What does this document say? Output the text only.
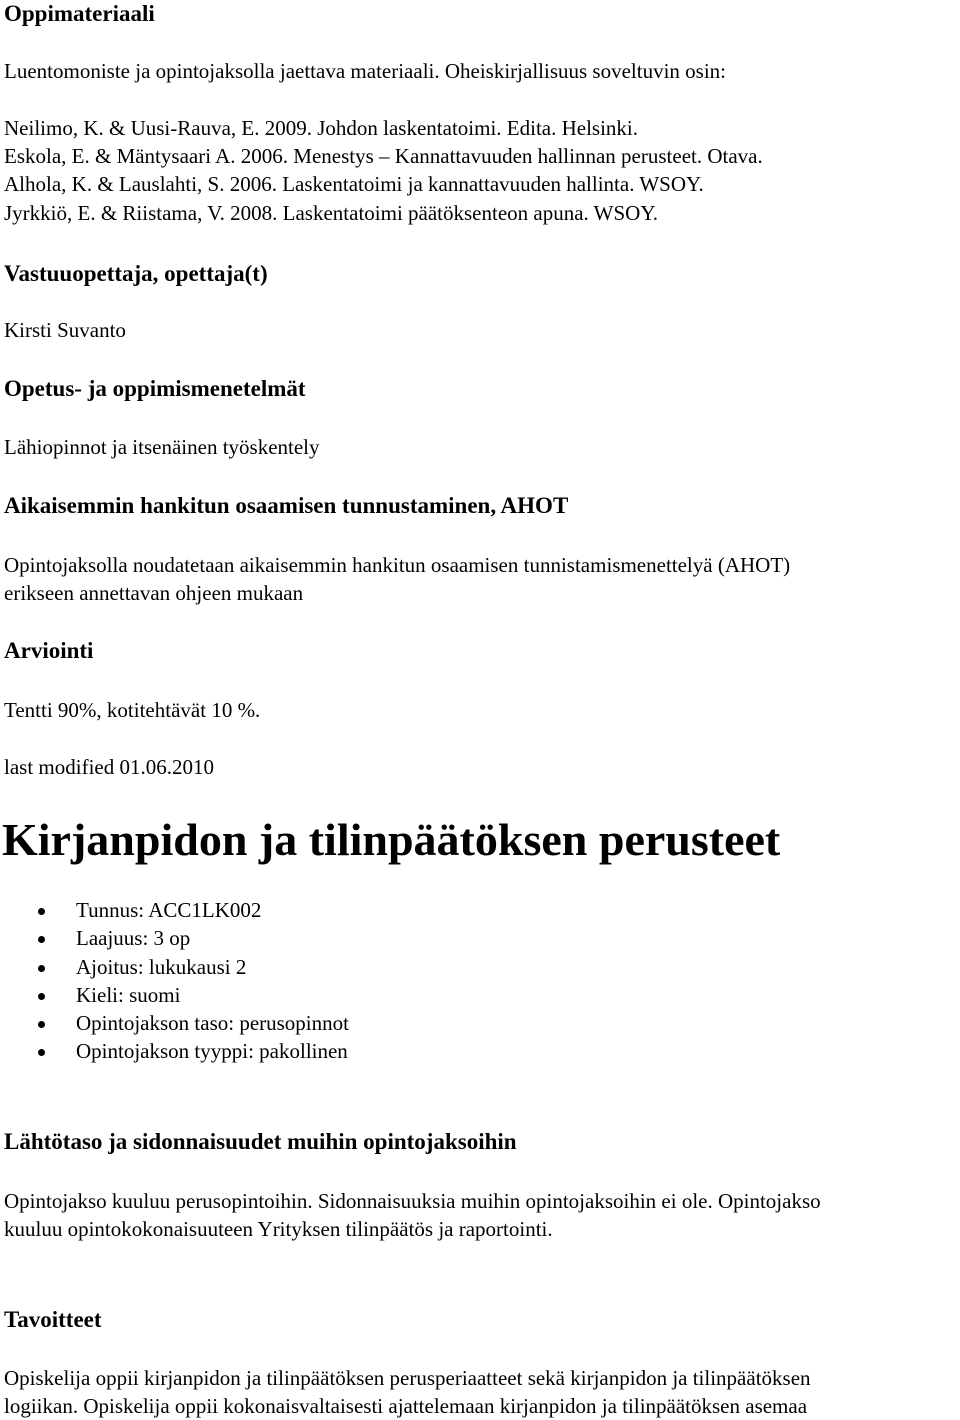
Oppimateriaali

Luentomoniste ja opintojaksolla jaettava materiaali. Oheiskirjallisuus soveltuvin osin:

Neilimo, K. & Uusi-Rauva, E. 2009. Johdon laskentatoimi. Edita. Helsinki.

Eskola, E. & Mäntysaari A. 2006. Menestys – Kannattavuuden hallinnan perusteet. Otava.

Alhola, K. & Lauslahti, S. 2006. Laskentatoimi ja kannattavuuden hallinta. WSOY.

Jyrkkiö, E. & Riistama, V. 2008. Laskentatoimi päätöksenteon apuna. WSOY.

Vastuuopettaja, opettaja(t)

Kirsti Suvanto

Opetus- ja oppimismenetelmät

Lähiopinnot ja itsenäinen työskentely

Aikaisemmin hankitun osaamisen tunnustaminen, AHOT

Opintojaksolla noudatetaan aikaisemmin hankitun osaamisen tunnistamismenettelyä (AHOT)

erikseen annettavan ohjeen mukaan

Arviointi

Tentti 90%, kotitehtävät 10 %.

last modified 01.06.2010

Kirjanpidon ja tilinpäätöksen perusteet
Tunnus: ACC1LK002
Laajuus: 3 op
Ajoitus: lukukausi 2
Kieli: suomi
Opintojakson taso: perusopinnot
Opintojakson tyyppi: pakollinen
Lähtötaso ja sidonnaisuudet muihin opintojaksoihin

Opintojakso kuuluu perusopintoihin. Sidonnaisuuksia muihin opintojaksoihin ei ole. Opintojakso

kuuluu opintokokonaisuuteen Yrityksen tilinpäätös ja raportointi.

Tavoitteet

Opiskelija oppii kirjanpidon ja tilinpäätöksen perusperiaatteet sekä kirjanpidon ja tilinpäätöksen

logiikan. Opiskelija oppii kokonaisvaltaisesti ajattelemaan kirjanpidon ja tilinpäätöksen asemaa
